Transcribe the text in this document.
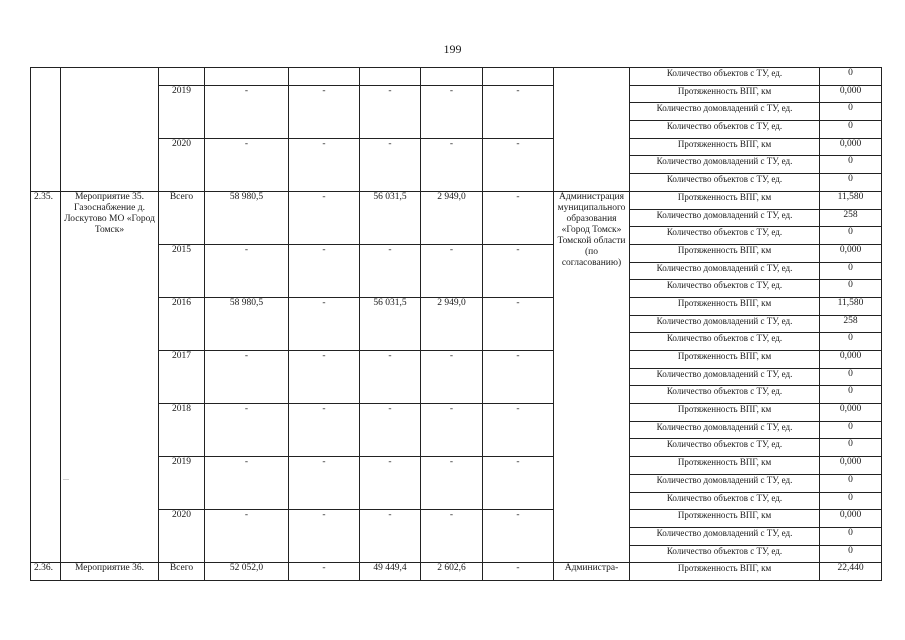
199
									Количество объектов с ТУ, ед.	0
		2019	-	-	-	-	-		Протяженность ВПГ, км	0,000
									Количество домовладений с ТУ, ед.	0
									Количество объектов с ТУ, ед.	0
		2020	-	-	-	-	-		Протяженность ВПГ, км	0,000
									Количество домовладений с ТУ, ед.	0
									Количество объектов с ТУ, ед.	0
2.35.	Мероприятие 35. Газоснабжение д. Лоскутово МО «Город Томск»	Всего	58 980,5	-	56 031,5	2 949,0	-	Администрация муниципального образования «Город Томск» Томской области (по согласованию)	Протяженность ВПГ, км	11,580
									Количество домовладений с ТУ, ед.	258
									Количество объектов с ТУ, ед.	0
		2015	-	-	-	-	-		Протяженность ВПГ, км	0,000
									Количество домовладений с ТУ, ед.	0
									Количество объектов с ТУ, ед.	0
		2016	58 980,5	-	56 031,5	2 949,0	-		Протяженность ВПГ, км	11,580
									Количество домовладений с ТУ, ед.	258
									Количество объектов с ТУ, ед.	0
		2017	-	-	-	-	-		Протяженность ВПГ, км	0,000
									Количество домовладений с ТУ, ед.	0
									Количество объектов с ТУ, ед.	0
		2018	-	-	-	-	-		Протяженность ВПГ, км	0,000
									Количество домовладений с ТУ, ед.	0
									Количество объектов с ТУ, ед.	0
		2019	-	-	-	-	-		Протяженность ВПГ, км	0,000
									Количество домовладений с ТУ, ед.	0
									Количество объектов с ТУ, ед.	0
		2020	-	-	-	-	-		Протяженность ВПГ, км	0,000
									Количество домовладений с ТУ, ед.	0
									Количество объектов с ТУ, ед.	0
2.36.	Мероприятие 36.	Всего	52 052,0	-	49 449,4	2 602,6	-	Администра-	Протяженность ВПГ, км	22,440
...
